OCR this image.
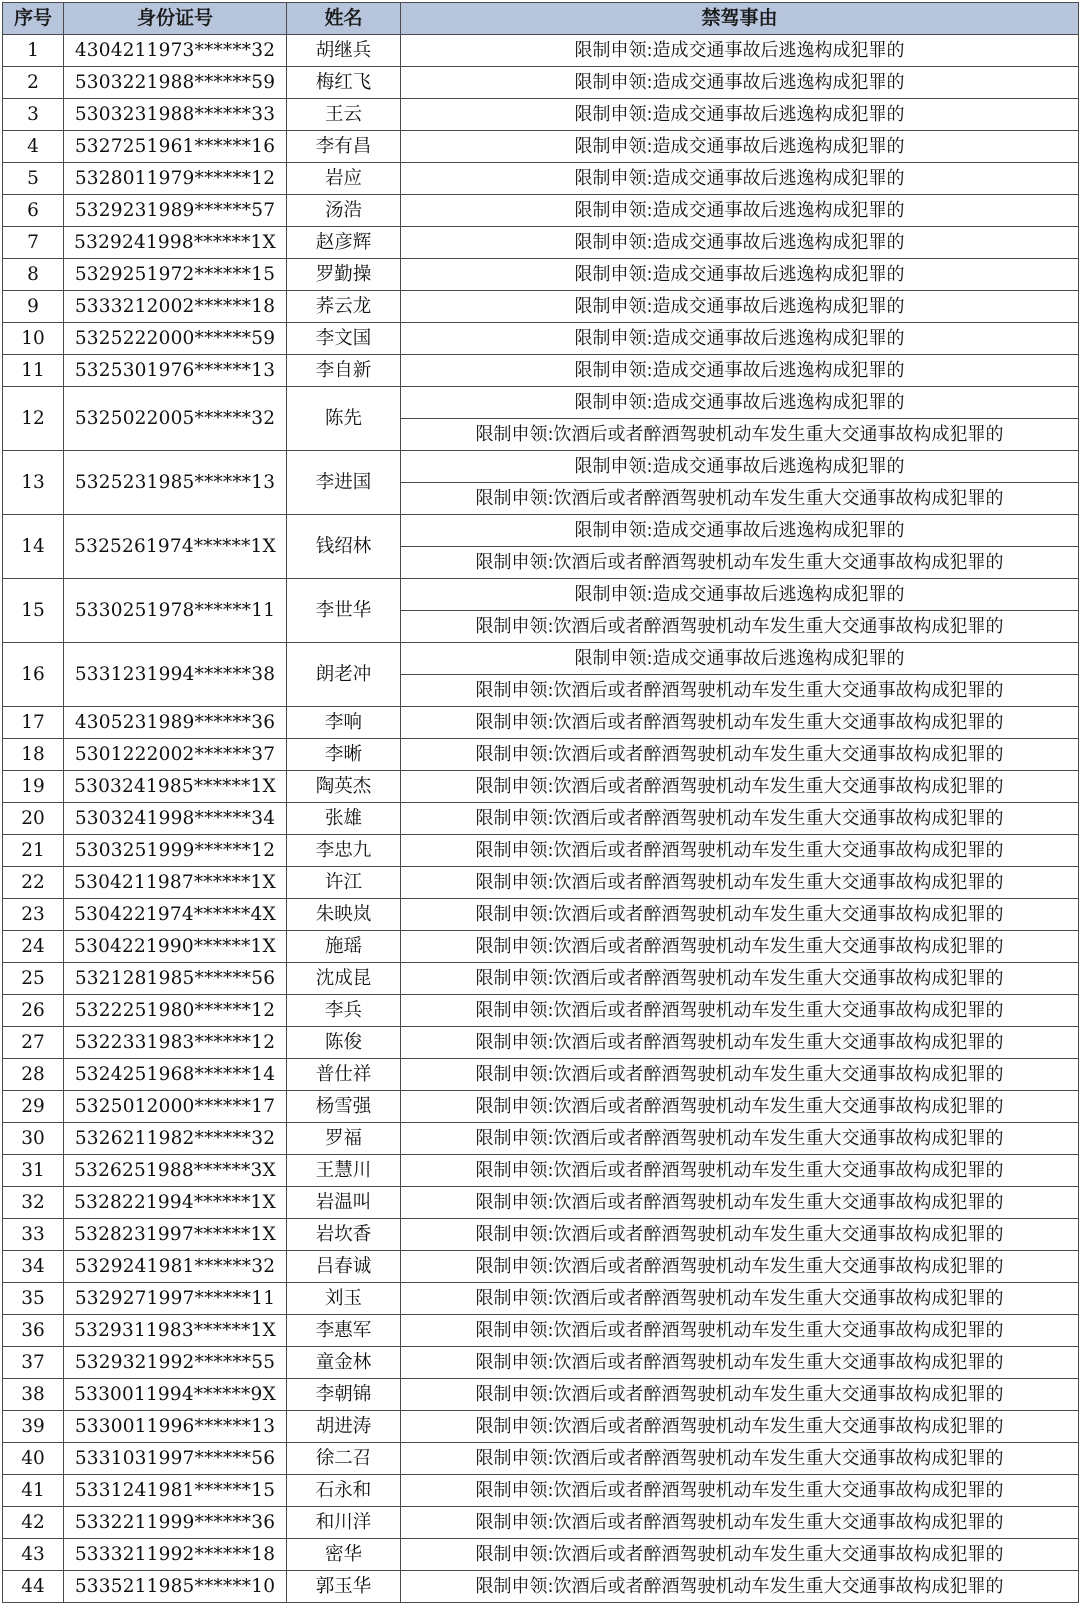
序号	身份证号	姓名	禁驾事由
1	4304211973******32	胡继兵	限制申领:造成交通事故后逃逸构成犯罪的
2	5303221988******59	梅红飞	限制申领:造成交通事故后逃逸构成犯罪的
3	5303231988******33	王云	限制申领:造成交通事故后逃逸构成犯罪的
4	5327251961******16	李有昌	限制申领:造成交通事故后逃逸构成犯罪的
5	5328011979******12	岩应	限制申领:造成交通事故后逃逸构成犯罪的
6	5329231989******57	汤浩	限制申领:造成交通事故后逃逸构成犯罪的
7	5329241998******1X	赵彦辉	限制申领:造成交通事故后逃逸构成犯罪的
8	5329251972******15	罗勤操	限制申领:造成交通事故后逃逸构成犯罪的
9	5333212002******18	荞云龙	限制申领:造成交通事故后逃逸构成犯罪的
10	5325222000******59	李文国	限制申领:造成交通事故后逃逸构成犯罪的
11	5325301976******13	李自新	限制申领:造成交通事故后逃逸构成犯罪的
12	5325022005******32	陈先	限制申领:造成交通事故后逃逸构成犯罪的
			限制申领:饮酒后或者醉酒驾驶机动车发生重大交通事故构成犯罪的
13	5325231985******13	李进国	限制申领:造成交通事故后逃逸构成犯罪的
			限制申领:饮酒后或者醉酒驾驶机动车发生重大交通事故构成犯罪的
14	5325261974******1X	钱绍林	限制申领:造成交通事故后逃逸构成犯罪的
			限制申领:饮酒后或者醉酒驾驶机动车发生重大交通事故构成犯罪的
15	5330251978******11	李世华	限制申领:造成交通事故后逃逸构成犯罪的
			限制申领:饮酒后或者醉酒驾驶机动车发生重大交通事故构成犯罪的
16	5331231994******38	朗老冲	限制申领:造成交通事故后逃逸构成犯罪的
			限制申领:饮酒后或者醉酒驾驶机动车发生重大交通事故构成犯罪的
17	4305231989******36	李响	限制申领:饮酒后或者醉酒驾驶机动车发生重大交通事故构成犯罪的
18	5301222002******37	李晰	限制申领:饮酒后或者醉酒驾驶机动车发生重大交通事故构成犯罪的
19	5303241985******1X	陶英杰	限制申领:饮酒后或者醉酒驾驶机动车发生重大交通事故构成犯罪的
20	5303241998******34	张雄	限制申领:饮酒后或者醉酒驾驶机动车发生重大交通事故构成犯罪的
21	5303251999******12	李忠九	限制申领:饮酒后或者醉酒驾驶机动车发生重大交通事故构成犯罪的
22	5304211987******1X	许江	限制申领:饮酒后或者醉酒驾驶机动车发生重大交通事故构成犯罪的
23	5304221974******4X	朱映岚	限制申领:饮酒后或者醉酒驾驶机动车发生重大交通事故构成犯罪的
24	5304221990******1X	施瑶	限制申领:饮酒后或者醉酒驾驶机动车发生重大交通事故构成犯罪的
25	5321281985******56	沈成昆	限制申领:饮酒后或者醉酒驾驶机动车发生重大交通事故构成犯罪的
26	5322251980******12	李兵	限制申领:饮酒后或者醉酒驾驶机动车发生重大交通事故构成犯罪的
27	5322331983******12	陈俊	限制申领:饮酒后或者醉酒驾驶机动车发生重大交通事故构成犯罪的
28	5324251968******14	普仕祥	限制申领:饮酒后或者醉酒驾驶机动车发生重大交通事故构成犯罪的
29	5325012000******17	杨雪强	限制申领:饮酒后或者醉酒驾驶机动车发生重大交通事故构成犯罪的
30	5326211982******32	罗福	限制申领:饮酒后或者醉酒驾驶机动车发生重大交通事故构成犯罪的
31	5326251988******3X	王慧川	限制申领:饮酒后或者醉酒驾驶机动车发生重大交通事故构成犯罪的
32	5328221994******1X	岩温叫	限制申领:饮酒后或者醉酒驾驶机动车发生重大交通事故构成犯罪的
33	5328231997******1X	岩坎香	限制申领:饮酒后或者醉酒驾驶机动车发生重大交通事故构成犯罪的
34	5329241981******32	吕春诚	限制申领:饮酒后或者醉酒驾驶机动车发生重大交通事故构成犯罪的
35	5329271997******11	刘玉	限制申领:饮酒后或者醉酒驾驶机动车发生重大交通事故构成犯罪的
36	5329311983******1X	李惠军	限制申领:饮酒后或者醉酒驾驶机动车发生重大交通事故构成犯罪的
37	5329321992******55	童金林	限制申领:饮酒后或者醉酒驾驶机动车发生重大交通事故构成犯罪的
38	5330011994******9X	李朝锦	限制申领:饮酒后或者醉酒驾驶机动车发生重大交通事故构成犯罪的
39	5330011996******13	胡进涛	限制申领:饮酒后或者醉酒驾驶机动车发生重大交通事故构成犯罪的
40	5331031997******56	徐二召	限制申领:饮酒后或者醉酒驾驶机动车发生重大交通事故构成犯罪的
41	5331241981******15	石永和	限制申领:饮酒后或者醉酒驾驶机动车发生重大交通事故构成犯罪的
42	5332211999******36	和川洋	限制申领:饮酒后或者醉酒驾驶机动车发生重大交通事故构成犯罪的
43	5333211992******18	密华	限制申领:饮酒后或者醉酒驾驶机动车发生重大交通事故构成犯罪的
44	5335211985******10	郭玉华	限制申领:饮酒后或者醉酒驾驶机动车发生重大交通事故构成犯罪的
